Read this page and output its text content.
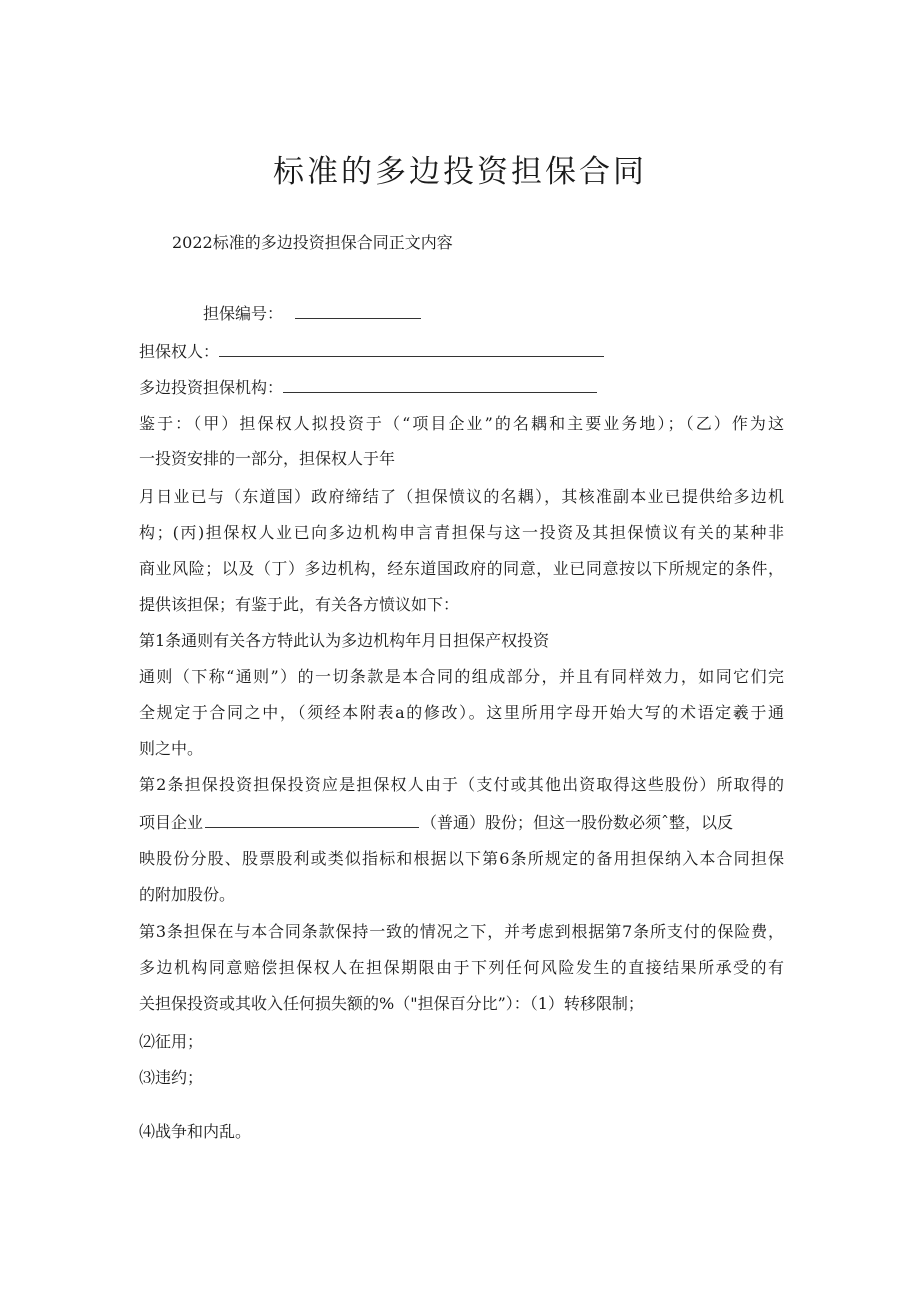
标准的多边投资担保合同
2022标准的多边投资担保合同正文内容
担保编号：
担保权人：
多边投资担保机构：
鉴于：（甲）担保权人拟投资于（“项目企业”的名耦和主要业务地）；（乙）作为这
一投资安排的一部分，担保权人于年
月日业已与（东道国）政府缔结了（担保愤议的名耦），其核准副本业已提供给多边机
构；(丙)担保权人业已向多边机构申言青担保与这一投资及其担保愤议有关的某种非
商业风险；以及（丁）多边机构，经东道国政府的同意，业已同意按以下所规定的条件，
提供该担保；有鉴于此，有关各方愤议如下：
第1条通则有关各方特此认为多边机构年月日担保产权投资
通则（下称“通则”）的一切条款是本合同的组成部分，并且有同样效力，如同它们完
全规定于合同之中，（须经本附表a的修改）。这里所用字母开始大写的术语定羲于通
则之中。
第2条担保投资担保投资应是担保权人由于（支付或其他出资取得这些股份）所取得的
项目企业	（普通）股份；但这一股份数必须ˆ整，以反
映股份分股、股票股利或类似指标和根据以下第6条所规定的备用担保纳入本合同担保
的附加股份。
第3条担保在与本合同条款保持一致的情况之下，并考虑到根据第7条所支付的保险费，
多边机构同意赔偿担保权人在担保期限由于下列任何风险发生的直接结果所承受的有
关担保投资或其收入任何损失额的%（"担保百分比”）：（1）转移限制；
⑵征用；
⑶违约；
⑷战争和内乱。
